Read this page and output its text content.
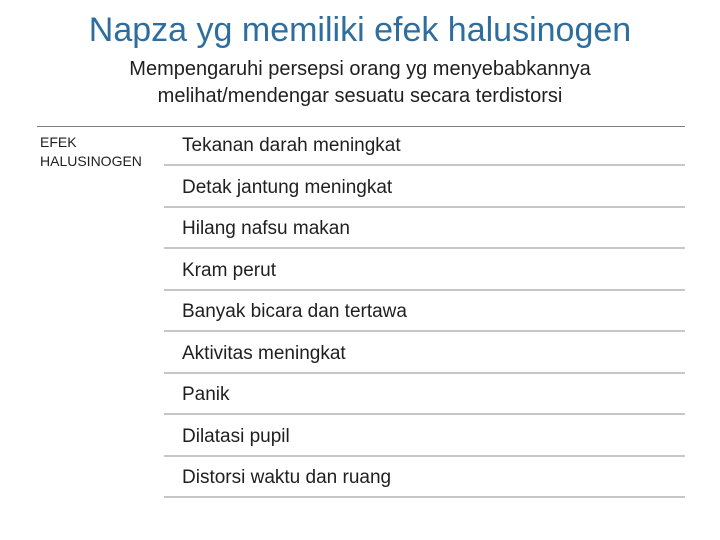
Napza yg memiliki efek halusinogen
Mempengaruhi persepsi orang yg menyebabkannya melihat/mendengar sesuatu secara terdistorsi
EFEK HALUSINOGEN
Tekanan darah meningkat
Detak jantung meningkat
Hilang nafsu makan
Kram perut
Banyak bicara dan tertawa
Aktivitas meningkat
Panik
Dilatasi pupil
Distorsi waktu dan ruang
